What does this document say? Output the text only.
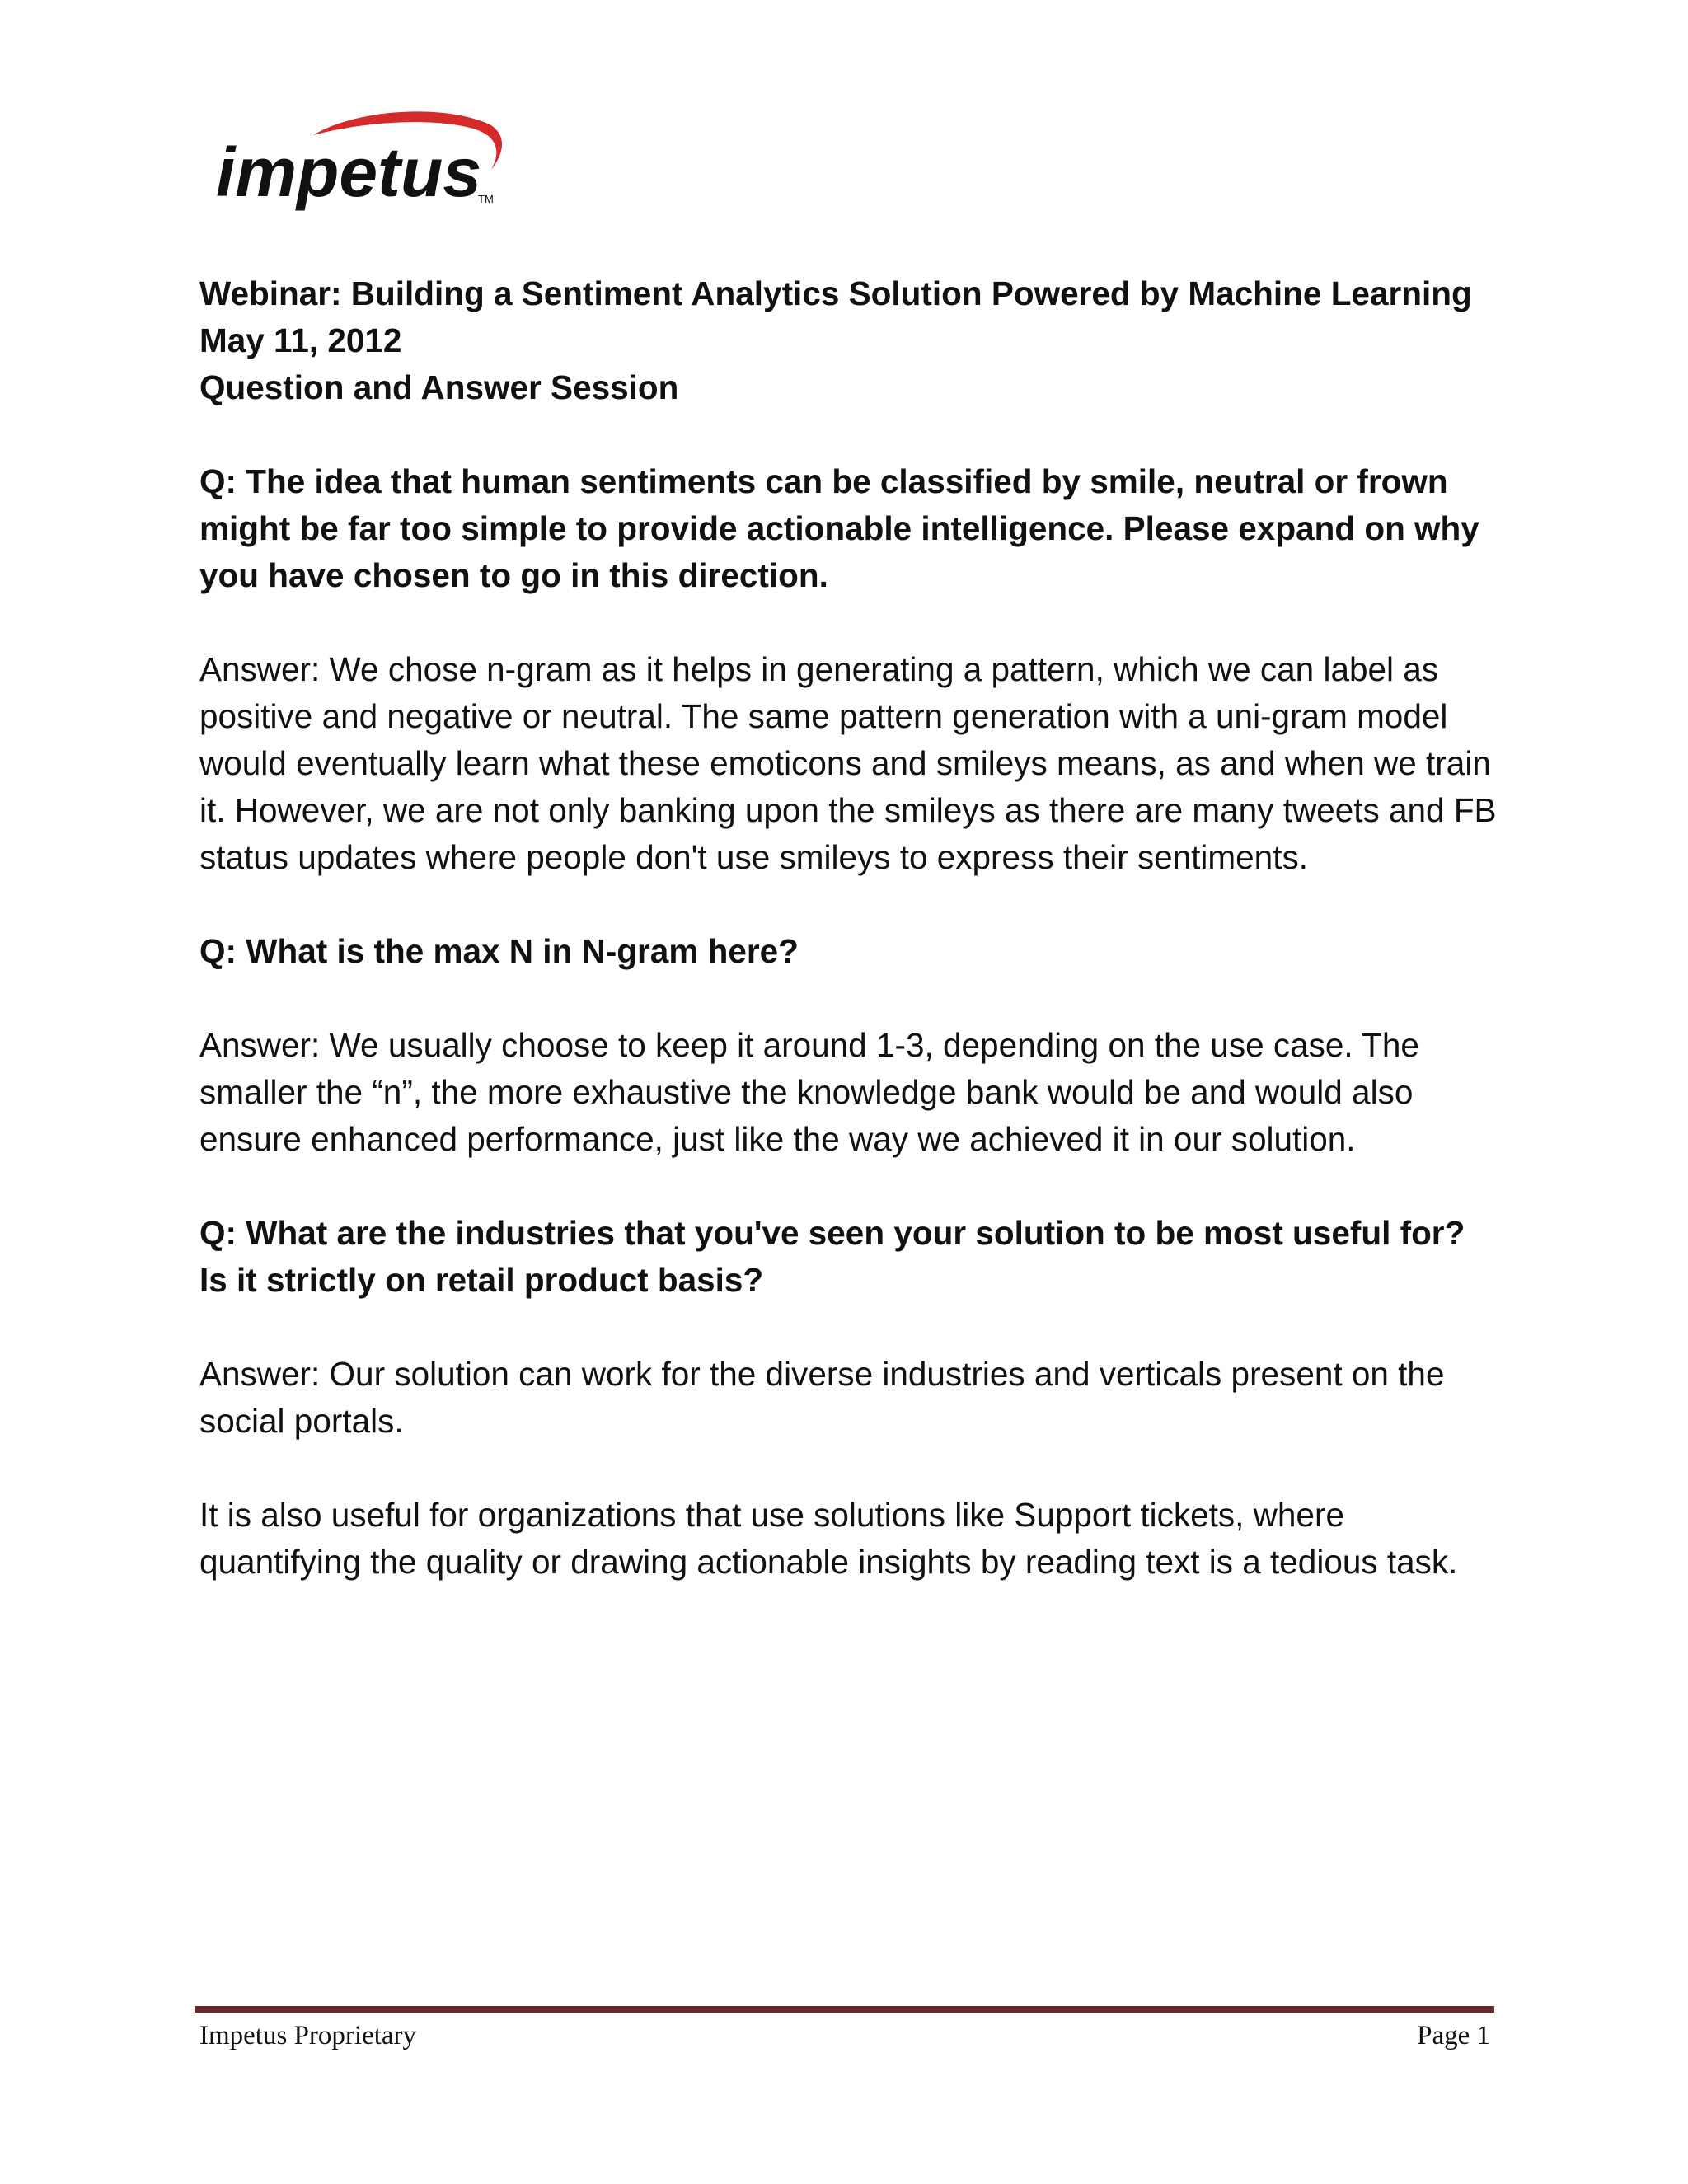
impetus
TM
Webinar: Building a Sentiment Analytics Solution Powered by Machine Learning
May 11, 2012
Question and Answer Session

Q: The idea that human sentiments can be classified by smile, neutral or frown might be far too simple to provide actionable intelligence. Please expand on why you have chosen to go in this direction.

Answer: We chose n-gram as it helps in generating a pattern, which we can label as positive and negative or neutral. The same pattern generation with a uni-gram model would eventually learn what these emoticons and smileys means, as and when we train it. However, we are not only banking upon the smileys as there are many tweets and FB status updates where people don't use smileys to express their sentiments.

Q: What is the max N in N-gram here?

Answer: We usually choose to keep it around 1-3, depending on the use case. The smaller the “n”, the more exhaustive the knowledge bank would be and would also ensure enhanced performance, just like the way we achieved it in our solution.

Q: What are the industries that you've seen your solution to be most useful for? Is it strictly on retail product basis?

Answer: Our solution can work for the diverse industries and verticals present on the social portals.

It is also useful for organizations that use solutions like Support tickets, where quantifying the quality or drawing actionable insights by reading text is a tedious task.

Impetus Proprietary	Page 1
